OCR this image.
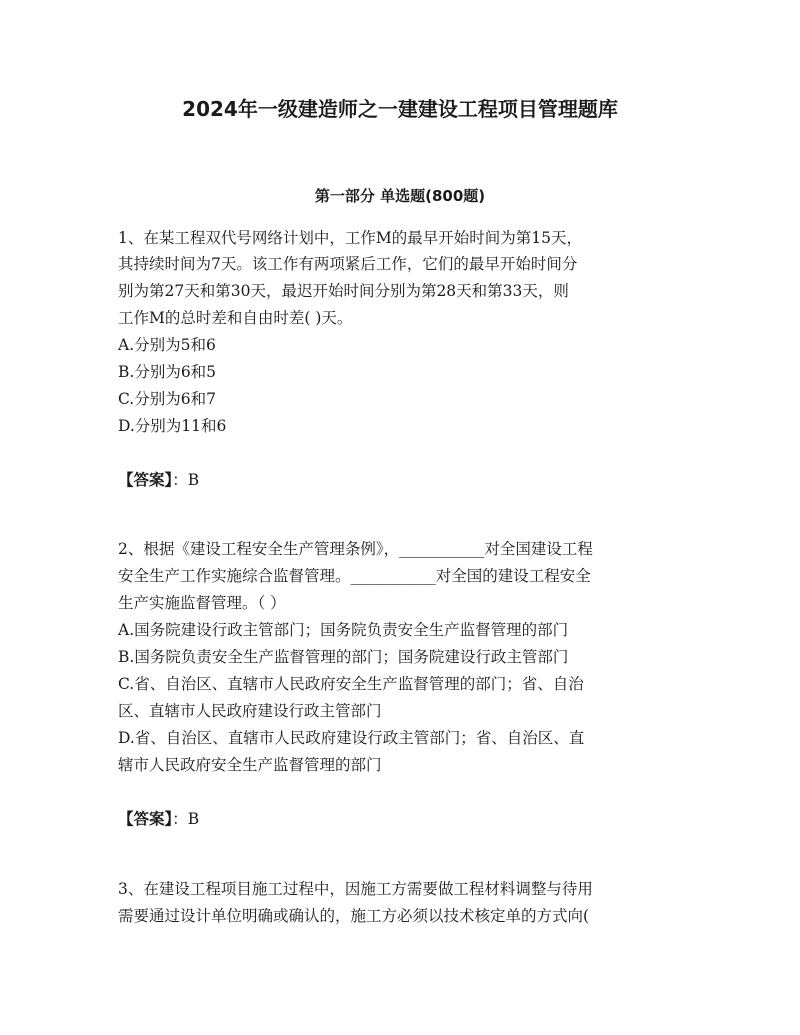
2024年一级建造师之一建建设工程项目管理题库
第一部分 单选题(800题)

1、在某工程双代号网络计划中，工作M的最早开始时间为第15天，

其持续时间为7天。该工作有两项紧后工作，它们的最早开始时间分

别为第27天和第30天，最迟开始时间分别为第28天和第33天，则

工作M的总时差和自由时差( )天。

A.分别为5和6

B.分别为6和5

C.分别为6和7

D.分别为11和6

【答案】：B

2、根据《建设工程安全生产管理条例》，___________对全国建设工程

安全生产工作实施综合监督管理。___________对全国的建设工程安全

生产实施监督管理。（ ）

A.国务院建设行政主管部门；国务院负责安全生产监督管理的部门

B.国务院负责安全生产监督管理的部门；国务院建设行政主管部门

C.省、自治区、直辖市人民政府安全生产监督管理的部门；省、自治

区、直辖市人民政府建设行政主管部门

D.省、自治区、直辖市人民政府建设行政主管部门；省、自治区、直

辖市人民政府安全生产监督管理的部门

【答案】：B

3、在建设工程项目施工过程中，因施工方需要做工程材料调整与待用

需要通过设计单位明确或确认的，施工方必须以技术核定单的方式向(
